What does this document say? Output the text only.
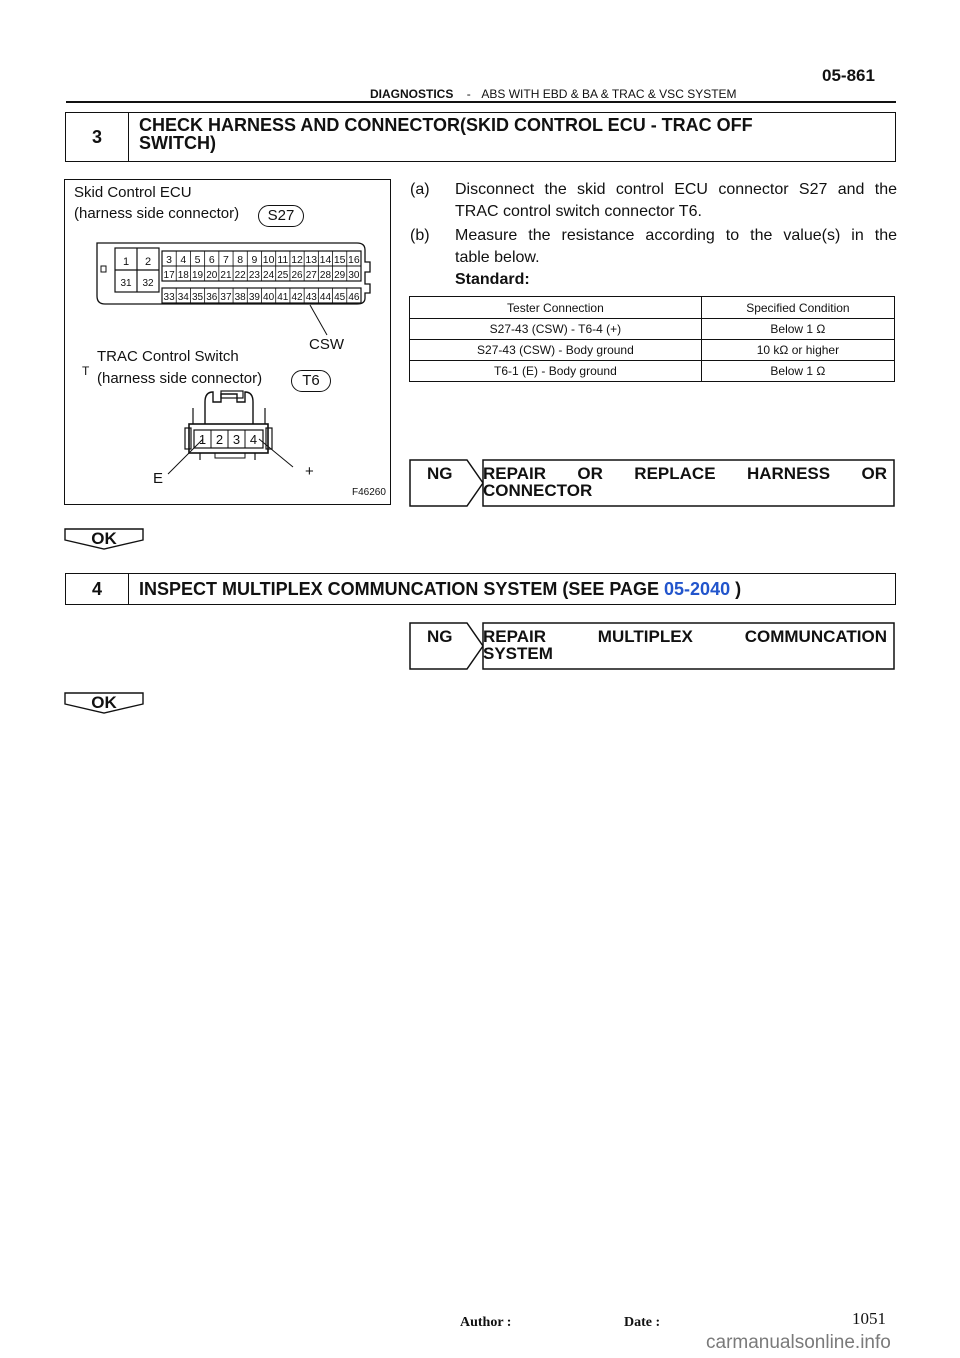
05-861
DIAGNOSTICS - ABS WITH EBD & BA & TRAC & VSC SYSTEM
3
CHECK HARNESS AND CONNECTOR(SKID CONTROL ECU - TRAC OFF
SWITCH)
Skid Control ECU
(harness side connector)	S27
1 2
31 32
3 4 5 6 7 8 9 10 11 12 13 14 15 16
17 18 19 20 21 22 23 24 25 26 27 28 29 30
33 34 35 36 37 38 39 40 41 42 43 44 45 46
1 2 3 4
CSW
T
TRAC Control Switch
(harness side connector)	T6
E	+
F46260
(a) Disconnect the skid control ECU connector S27 and the
TRAC control switch connector T6.
(b) Measure the resistance according to the value(s) in the
table below.
Standard:
Tester Connection	Specified Condition
S27-43 (CSW) - T6-4 (+)	Below 1 Ω
S27-43 (CSW) - Body ground	10 kΩ or higher
T6-1 (E) - Body ground	Below 1 Ω
NG REPAIR OR REPLACE HARNESS OR
CONNECTOR
OK
4	INSPECT MULTIPLEX COMMUNCATION SYSTEM (SEE PAGE 05-2040 )
NG REPAIR MULTIPLEX COMMUNCATION
SYSTEM
OK
Author :	Date :	1051
carmanualsonline.info
